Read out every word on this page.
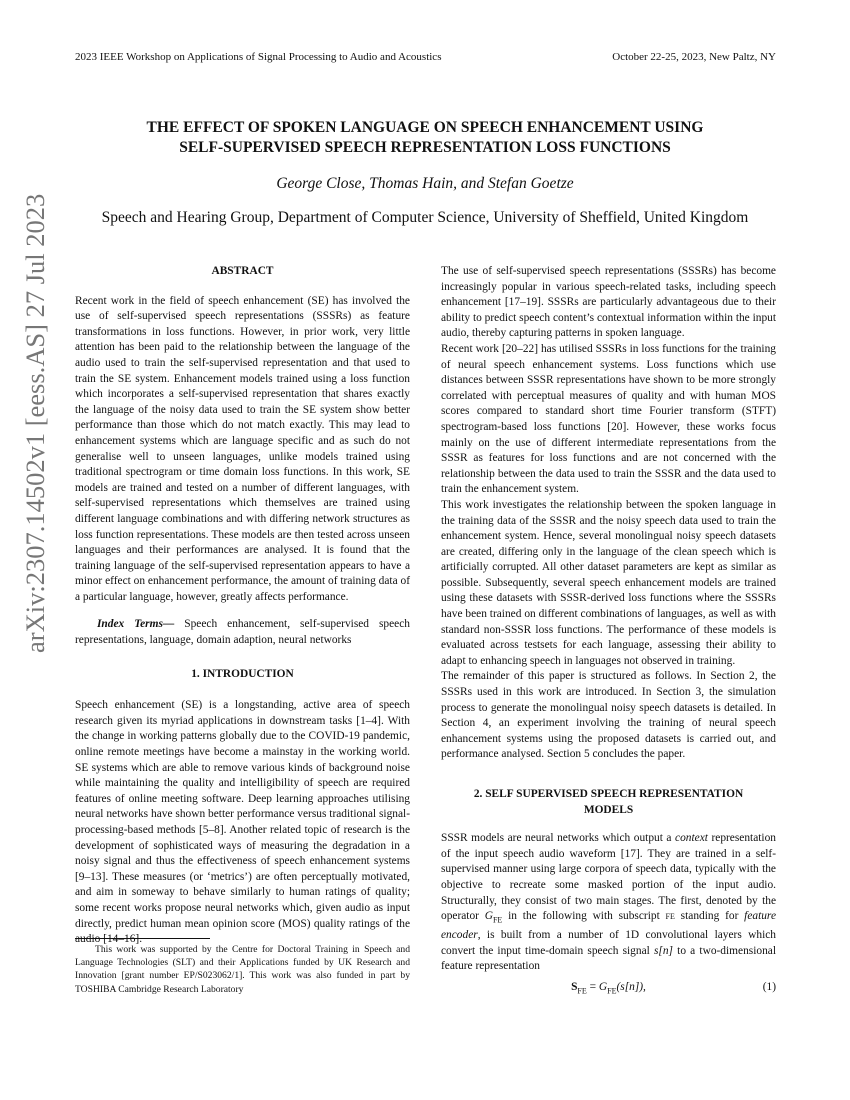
2023 IEEE Workshop on Applications of Signal Processing to Audio and Acoustics	October 22-25, 2023, New Paltz, NY
THE EFFECT OF SPOKEN LANGUAGE ON SPEECH ENHANCEMENT USING
SELF-SUPERVISED SPEECH REPRESENTATION LOSS FUNCTIONS
George Close, Thomas Hain, and Stefan Goetze
Speech and Hearing Group, Department of Computer Science, University of Sheffield, United Kingdom
arXiv:2307.14502v1 [eess.AS] 27 Jul 2023	ABSTRACT

Recent work in the field of speech enhancement (SE) has involved the use of self-supervised speech representations (SSSRs) as feature transformations in loss functions. However, in prior work, very little attention has been paid to the relationship between the language of the audio used to train the self-supervised representation and that used to train the SE system. Enhancement models trained using a loss function which incorporates a self-supervised representation that shares exactly the language of the noisy data used to train the SE system show better performance than those which do not match exactly. This may lead to enhancement systems which are language specific and as such do not generalise well to unseen languages, unlike models trained using traditional spectrogram or time domain loss functions. In this work, SE models are trained and tested on a number of different languages, with self-supervised representations which themselves are trained using different language combinations and with differing network structures as loss function representations. These models are then tested across unseen languages and their performances are analysed. It is found that the training language of the self-supervised representation appears to have a minor effect on enhancement performance, the amount of training data of a particular language, however, greatly affects performance.

Index Terms— Speech enhancement, self-supervised speech representations, language, domain adaption, neural networks

1. INTRODUCTION

Speech enhancement (SE) is a longstanding, active area of speech research given its myriad applications in downstream tasks [1–4]. With the change in working patterns globally due to the COVID-19 pandemic, online remote meetings have become a mainstay in the working world. SE systems which are able to remove various kinds of background noise while maintaining the quality and intelligibility of speech are required features of online meeting software. Deep learning approaches utilising neural networks have shown better performance versus traditional signal-processing-based methods [5–8]. Another related topic of research is the development of sophisticated ways of measuring the degradation in a noisy signal and thus the effectiveness of speech enhancement systems [9–13]. These measures (or ‘metrics’) are often perceptually motivated, and aim in someway to behave similarly to human ratings of quality; some recent works propose neural networks which, given audio as input directly, predict human mean opinion score (MOS) quality ratings of the audio [14–16].

This work was supported by the Centre for Doctoral Training in Speech and Language Technologies (SLT) and their Applications funded by UK Research and Innovation [grant number EP/S023062/1]. This work was also funded in part by TOSHIBA Cambridge Research Laboratory

The use of self-supervised speech representations (SSSRs) has become increasingly popular in various speech-related tasks, including speech enhancement [17–19]. SSSRs are particularly advantageous due to their ability to predict speech content’s contextual information within the input audio, thereby capturing patterns in spoken language.

Recent work [20–22] has utilised SSSRs in loss functions for the training of neural speech enhancement systems. Loss functions which use distances between SSSR representations have shown to be more strongly correlated with perceptual measures of quality and with human MOS scores compared to standard short time Fourier transform (STFT) spectrogram-based loss functions [20]. However, these works focus mainly on the use of different intermediate representations from the SSSR as features for loss functions and are not concerned with the relationship between the data used to train the SSSR and the data used to train the enhancement system.

This work investigates the relationship between the spoken language in the training data of the SSSR and the noisy speech data used to train the enhancement system. Hence, several monolingual noisy speech datasets are created, differing only in the language of the clean speech which is artificially corrupted. All other dataset parameters are kept as similar as possible. Subsequently, several speech enhancement models are trained using these datasets with SSSR-derived loss functions where the SSSRs have been trained on different combinations of languages, as well as with standard non-SSSR loss functions. The performance of these models is evaluated across testsets for each language, assessing their ability to adapt to enhancing speech in languages not observed in training.

The remainder of this paper is structured as follows. In Section 2, the SSSRs used in this work are introduced. In Section 3, the simulation process to generate the monolingual noisy speech datasets is detailed. In Section 4, an experiment involving the training of neural speech enhancement systems using the proposed datasets is carried out, and performance analysed. Section 5 concludes the paper.

2. SELF SUPERVISED SPEECH REPRESENTATION
MODELS

SSSR models are neural networks which output a context representation of the input speech audio waveform [17]. They are trained in a self-supervised manner using large corpora of speech data, typically with the objective to recreate some masked portion of the input audio. Structurally, they consist of two main stages. The first, denoted by the operator $G_{FE}$ in the following with subscript FE standing for feature encoder, is built from a number of 1D convolutional layers which convert the input time-domain speech signal s[n] to a two-dimensional feature representation

$S_{FE} = G_{FE}(s[n])$,	(1)
